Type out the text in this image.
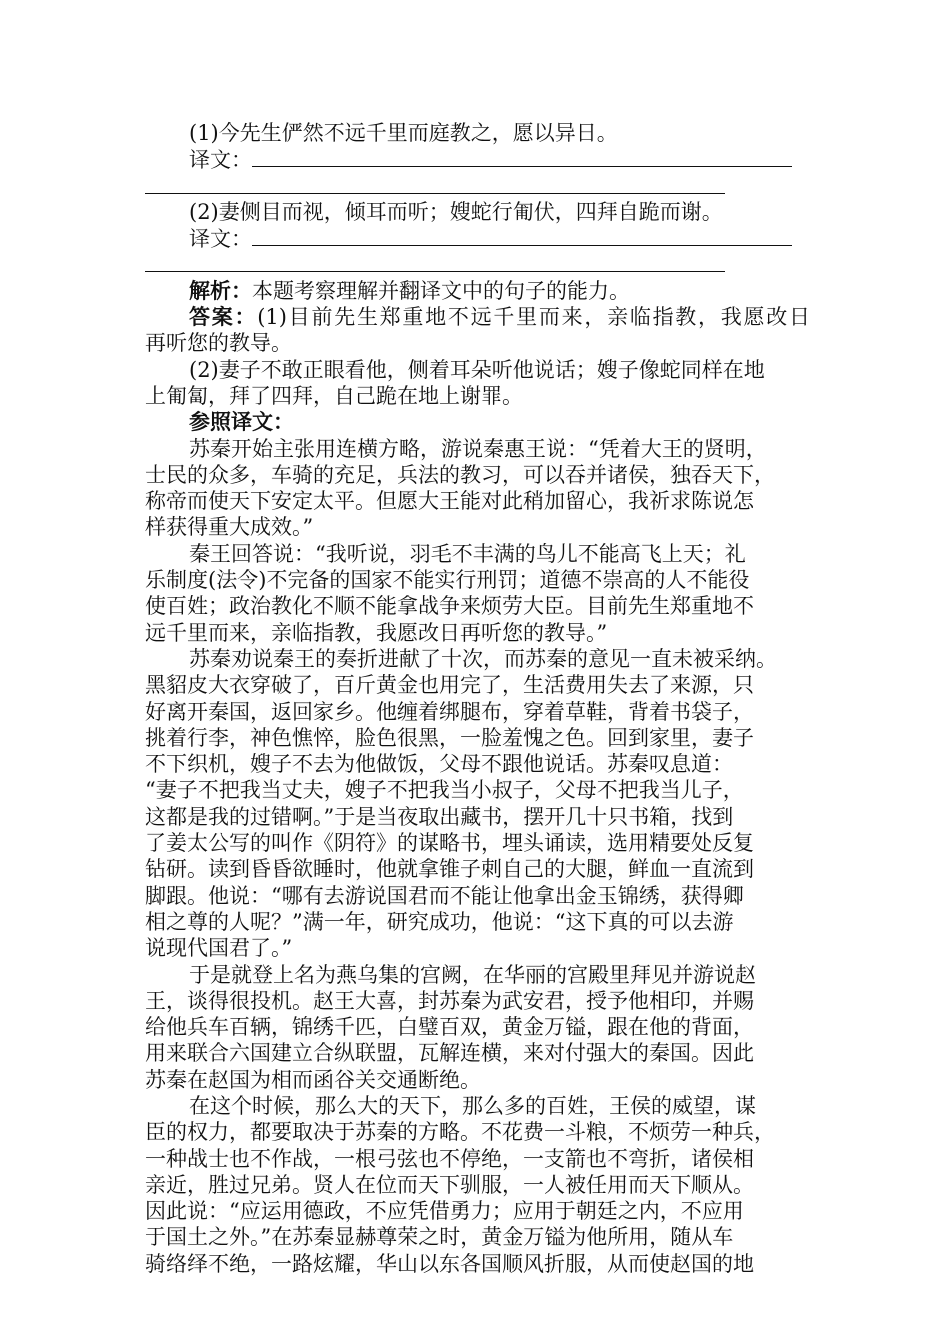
(1)今先生俨然不远千里而庭教之，愿以异日。
译文：
(2)妻侧目而视，倾耳而听；嫂蛇行匍伏，四拜自跪而谢。
译文：
解析：本题考察理解并翻译文中的句子的能力。
答案：(1)目前先生郑重地不远千里而来，亲临指教，我愿改日
再听您的教导。
(2)妻子不敢正眼看他，侧着耳朵听他说话；嫂子像蛇同样在地
上匍匐，拜了四拜，自己跪在地上谢罪。
参照译文：
苏秦开始主张用连横方略，游说秦惠王说：“凭着大王的贤明，
士民的众多，车骑的充足，兵法的教习，可以吞并诸侯，独吞天下，
称帝而使天下安定太平。但愿大王能对此稍加留心，我祈求陈说怎
样获得重大成效。”
秦王回答说：“我听说，羽毛不丰满的鸟儿不能高飞上天；礼
乐制度(法令)不完备的国家不能实行刑罚；道德不崇高的人不能役
使百姓；政治教化不顺不能拿战争来烦劳大臣。目前先生郑重地不
远千里而来，亲临指教，我愿改日再听您的教导。”
苏秦劝说秦王的奏折进献了十次，而苏秦的意见一直未被采纳。
黑貂皮大衣穿破了，百斤黄金也用完了，生活费用失去了来源，只
好离开秦国，返回家乡。他缠着绑腿布，穿着草鞋，背着书袋子，
挑着行李，神色憔悴，脸色很黑，一脸羞愧之色。回到家里，妻子
不下织机，嫂子不去为他做饭，父母不跟他说话。苏秦叹息道：
“妻子不把我当丈夫，嫂子不把我当小叔子，父母不把我当儿子，
这都是我的过错啊。”于是当夜取出藏书，摆开几十只书箱，找到
了姜太公写的叫作《阴符》的谋略书，埋头诵读，选用精要处反复
钻研。读到昏昏欲睡时，他就拿锥子刺自己的大腿，鲜血一直流到
脚跟。他说：“哪有去游说国君而不能让他拿出金玉锦绣，获得卿
相之尊的人呢？”满一年，研究成功，他说：“这下真的可以去游
说现代国君了。”
于是就登上名为燕乌集的宫阙，在华丽的宫殿里拜见并游说赵
王，谈得很投机。赵王大喜，封苏秦为武安君，授予他相印，并赐
给他兵车百辆，锦绣千匹，白璧百双，黄金万镒，跟在他的背面，
用来联合六国建立合纵联盟，瓦解连横，来对付强大的秦国。因此
苏秦在赵国为相而函谷关交通断绝。
在这个时候，那么大的天下，那么多的百姓，王侯的威望，谋
臣的权力，都要取决于苏秦的方略。不花费一斗粮，不烦劳一种兵，
一种战士也不作战，一根弓弦也不停绝，一支箭也不弯折，诸侯相
亲近，胜过兄弟。贤人在位而天下驯服，一人被任用而天下顺从。
因此说：“应运用德政，不应凭借勇力；应用于朝廷之内，不应用
于国土之外。”在苏秦显赫尊荣之时，黄金万镒为他所用，随从车
骑络绎不绝，一路炫耀，华山以东各国顺风折服，从而使赵国的地
